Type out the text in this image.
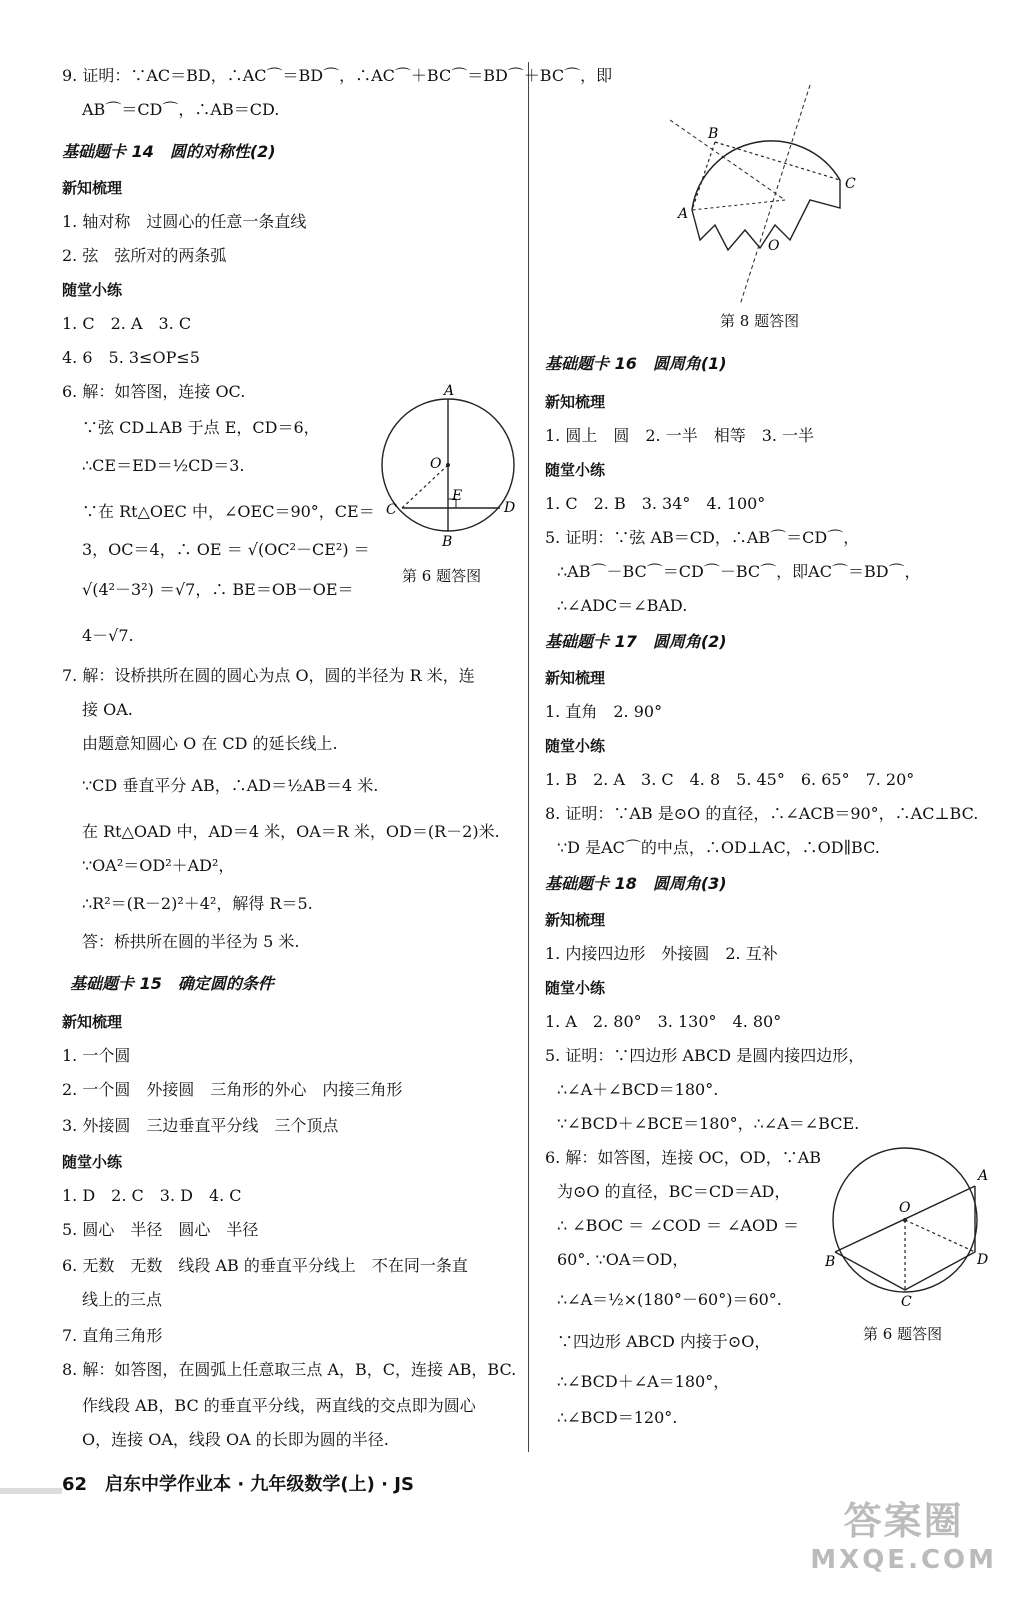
9. 证明：∵AC＝BD，∴AC⌒＝BD⌒，∴AC⌒＋BC⌒＝BD⌒＋BC⌒，即
AB⌒＝CD⌒，∴AB＝CD.
基础题卡 14　圆的对称性(2)
新知梳理
1. 轴对称　过圆心的任意一条直线
2. 弦　弦所对的两条弧
随堂小练
1. C　2. A　3. C
4. 6　5. 3≤OP≤5
6. 解：如答图，连接 OC.
∵弦 CD⊥AB 于点 E，CD＝6，
∴CE＝ED＝½CD＝3.
∵在 Rt△OEC 中，∠OEC＝90°，CE＝
3，OC＝4，∴ OE ＝ √(OC²－CE²) ＝
√(4²－3²) ＝√7，∴ BE＝OB－OE＝
4－√7.
A
O
E
C	D
B
第 6 题答图
7. 解：设桥拱所在圆的圆心为点 O，圆的半径为 R 米，连
接 OA.
由题意知圆心 O 在 CD 的延长线上.
∵CD 垂直平分 AB，∴AD＝½AB＝4 米.
在 Rt△OAD 中，AD＝4 米，OA＝R 米，OD＝(R－2)米.
∵OA²＝OD²＋AD²，
∴R²＝(R－2)²＋4²，解得 R＝5.
答：桥拱所在圆的半径为 5 米.
基础题卡 15　确定圆的条件
新知梳理
1. 一个圆
2. 一个圆　外接圆　三角形的外心　内接三角形
3. 外接圆　三边垂直平分线　三个顶点
随堂小练
1. D　2. C　3. D　4. C
5. 圆心　半径　圆心　半径
6. 无数　无数　线段 AB 的垂直平分线上　不在同一条直
线上的三点
7. 直角三角形
8. 解：如答图，在圆弧上任意取三点 A，B，C，连接 AB，BC.
作线段 AB，BC 的垂直平分线，两直线的交点即为圆心
O，连接 OA，线段 OA 的长即为圆的半径.
B
C
A
O
第 8 题答图
基础题卡 16　圆周角(1)
新知梳理
1. 圆上　圆　2. 一半　相等　3. 一半
随堂小练
1. C　2. B　3. 34°　4. 100°
5. 证明：∵弦 AB＝CD，∴AB⌒＝CD⌒，
∴AB⌒－BC⌒＝CD⌒－BC⌒，即AC⌒＝BD⌒，
∴∠ADC＝∠BAD.
基础题卡 17　圆周角(2)
新知梳理
1. 直角　2. 90°
随堂小练
1. B　2. A　3. C　4. 8　5. 45°　6. 65°　7. 20°
8. 证明：∵AB 是⊙O 的直径，∴∠ACB＝90°，∴AC⊥BC.
∵D 是AC⌒的中点，∴OD⊥AC，∴OD∥BC.
基础题卡 18　圆周角(3)
新知梳理
1. 内接四边形　外接圆　2. 互补
随堂小练
1. A　2. 80°　3. 130°　4. 80°
5. 证明：∵四边形 ABCD 是圆内接四边形，
∴∠A＋∠BCD＝180°.
∵∠BCD＋∠BCE＝180°，∴∠A＝∠BCE.
6. 解：如答图，连接 OC，OD，∵AB
为⊙O 的直径，BC＝CD＝AD，
∴ ∠BOC ＝ ∠COD ＝ ∠AOD ＝
60°. ∵OA＝OD，
∴∠A＝½×(180°－60°)＝60°.
∵四边形 ABCD 内接于⊙O，
∴∠BCD＋∠A＝180°，
∴∠BCD＝120°.
A
O
B	D
C
第 6 题答图
62　启东中学作业本 · 九年级数学(上) · JS
答案圈
MXQE.COM
